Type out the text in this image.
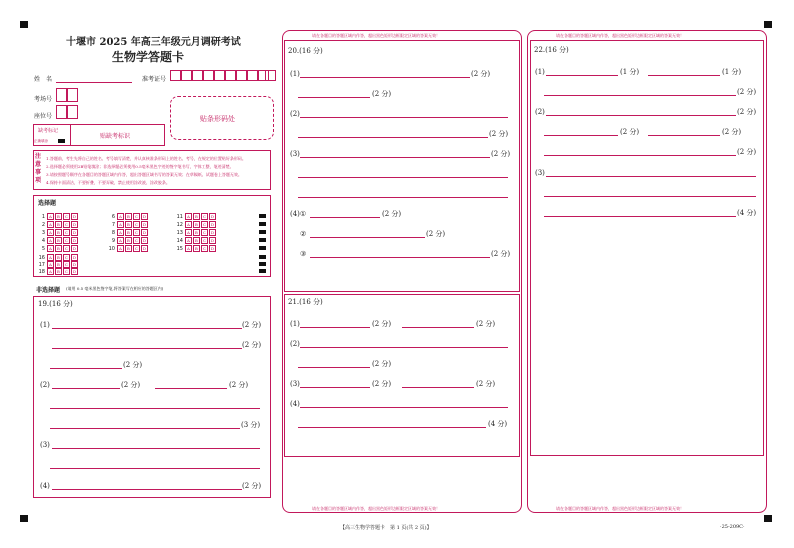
十堰市 2025 年高三年级元月调研考试
生物学答题卡
姓　名	准考证号
考场号
座位号	贴条形码处
缺考标记
正确填涂
贴缺考标识
注意事项
1.答题前，考生先将自己的姓名、考号填写清楚，并认真核准条形码上的姓名、考号，在规定的位置贴好条形码。
2.选择题必须使用2B铅笔填涂；非选择题必须使用0.5毫米黑色字迹的签字笔书写，字体工整，笔迹清楚。
3.请按照题号顺序在各题目的答题区域内作答，超出答题区域书写的答案无效；在草稿纸、试题卷上答题无效。
4.保持卡面清洁，不要折叠，不要弄破，禁止使用涂改液、涂改胶条。
选择题
1 A B C D
2 A B C D
3 A B C D
4 A B C D
5 A B C D
6 A B C D
7 A B C D
8 A B C D
9 A B C D
10 A B C D
11 A B C D
12 A B C D
13 A B C D
14 A B C D
15 A B C D
16 A B C D
17 A B C D
18 A B C D
非选择题 (请用 0.5 毫米黑色签字笔,将答案写在相应的答题区内)
19.(16 分)
(1)	(2 分)
(2 分)
(2 分)
(2)	(2 分)	(2 分)
(3 分)
(3)
(4)	(2 分)
请在各题目的答题区域内作答，超出黑色矩形边框限定区域的答案无效！
请在各题目的答题区域内作答，超出黑色矩形边框限定区域的答案无效！
20.(16 分)
(1)	(2 分)
(2 分)
(2)
(2 分)
(3)	(2 分)
(4)①	(2 分)
②	(2 分)
③	(2 分)
21.(16 分)
(1)	(2 分)	(2 分)
(2)
(2 分)
(3)	(2 分)	(2 分)
(4)
(4 分)
请在各题目的答题区域内作答，超出黑色矩形边框限定区域的答案无效！
请在各题目的答题区域内作答，超出黑色矩形边框限定区域的答案无效！
22.(16 分)
(1)	(1 分)	(1 分)
(2 分)
(2)	(2 分)
(2 分)	(2 分)
(2 分)
(3)
(4 分)
【高三生物学答题卡　第 1 页(共 2 页)】	·25-209C·
